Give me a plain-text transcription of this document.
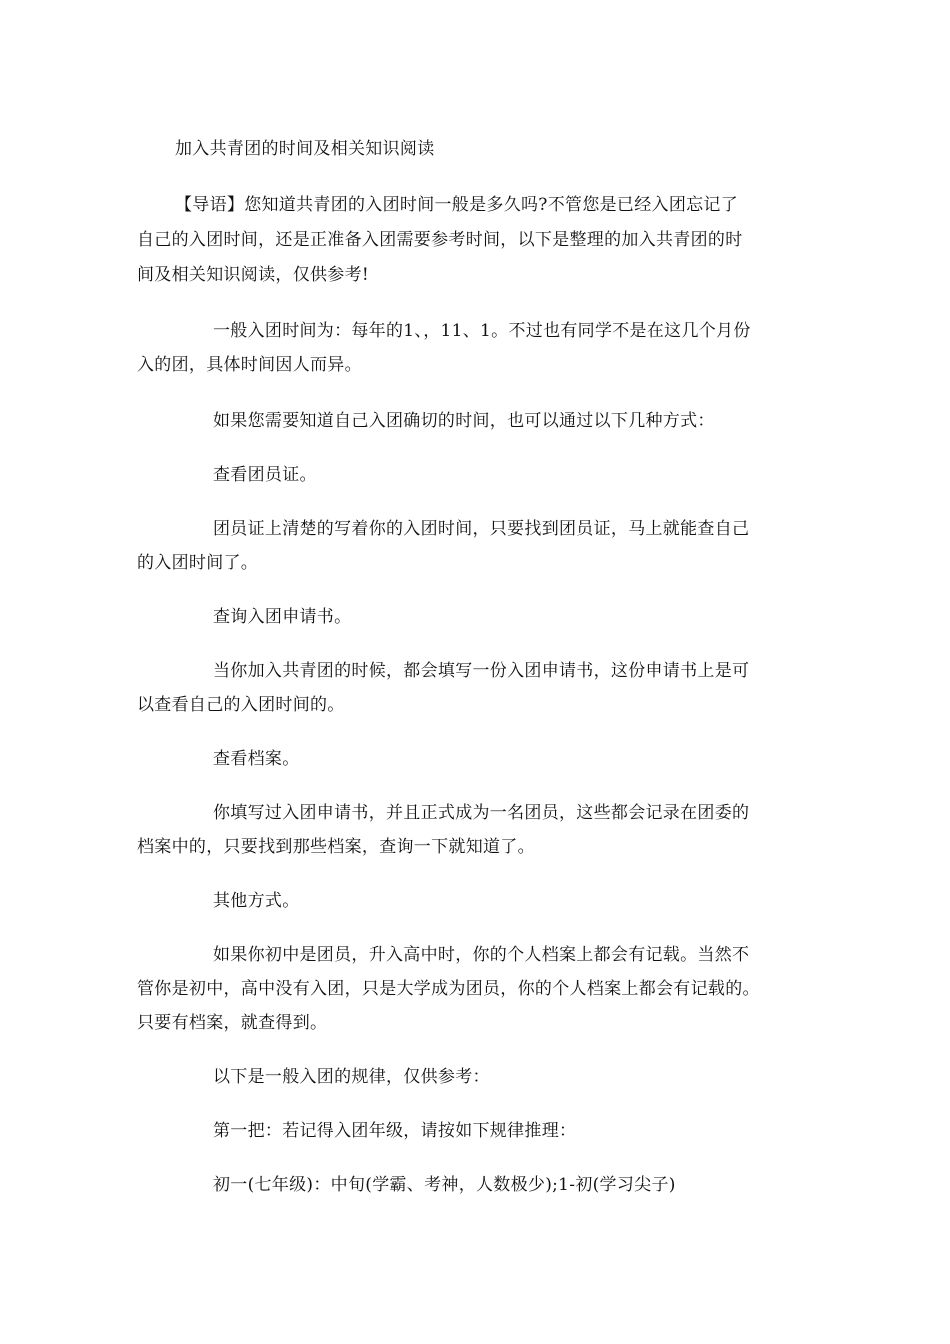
加入共青团的时间及相关知识阅读
【导语】您知道共青团的入团时间一般是多久吗?不管您是已经入团忘记了
自己的入团时间，还是正准备入团需要参考时间，以下是整理的加入共青团的时
间及相关知识阅读，仅供参考!
一般入团时间为：每年的1、，11、1。不过也有同学不是在这几个月份
入的团，具体时间因人而异。
如果您需要知道自己入团确切的时间，也可以通过以下几种方式：
查看团员证。
团员证上清楚的写着你的入团时间，只要找到团员证，马上就能查自己
的入团时间了。
查询入团申请书。
当你加入共青团的时候，都会填写一份入团申请书，这份申请书上是可
以查看自己的入团时间的。
查看档案。
你填写过入团申请书，并且正式成为一名团员，这些都会记录在团委的
档案中的，只要找到那些档案，查询一下就知道了。
其他方式。
如果你初中是团员，升入高中时，你的个人档案上都会有记载。当然不
管你是初中，高中没有入团，只是大学成为团员，你的个人档案上都会有记载的。
只要有档案，就查得到。
以下是一般入团的规律，仅供参考：
第一把：若记得入团年级，请按如下规律推理：
初一(七年级)：中旬(学霸、考神，人数极少);1-初(学习尖子)
